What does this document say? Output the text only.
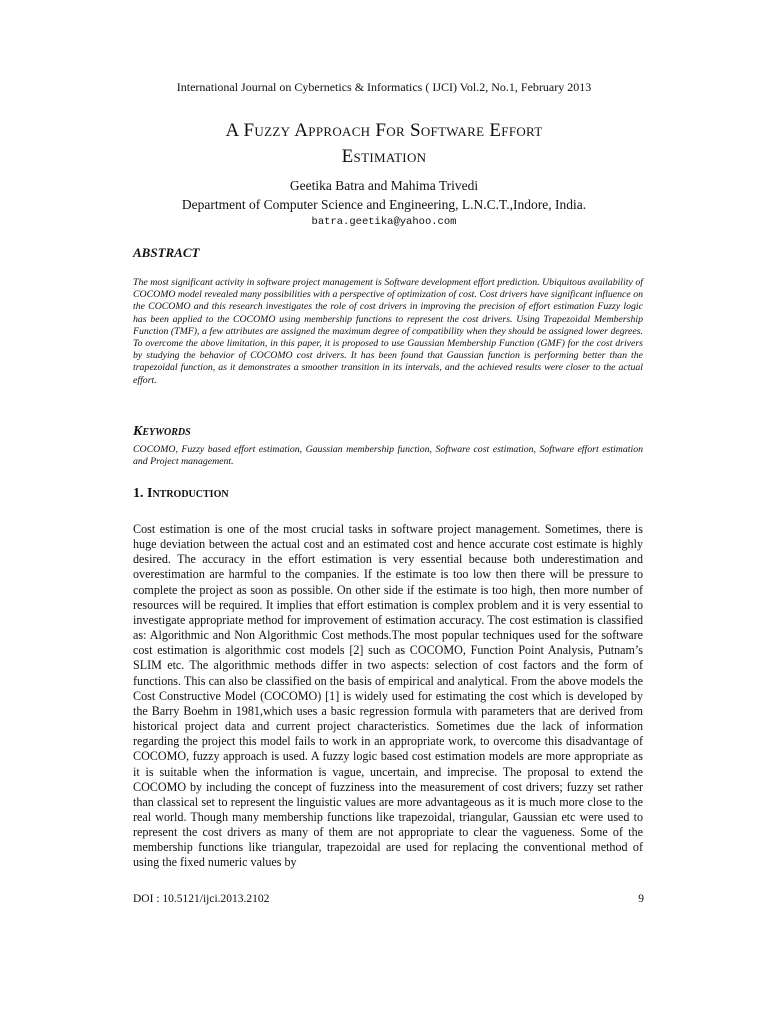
International Journal on Cybernetics & Informatics ( IJCI) Vol.2, No.1, February 2013
A Fuzzy Approach For Software Effort
Estimation
Geetika Batra and Mahima Trivedi
Department of Computer Science and Engineering, L.N.C.T.,Indore, India.
batra.geetika@yahoo.com
ABSTRACT
The most significant activity in software project management is Software development effort prediction. Ubiquitous availability of COCOMO model revealed many possibilities with a perspective of optimization of cost. Cost drivers have significant influence on the COCOMO and this research investigates the role of cost drivers in improving the precision of effort estimation Fuzzy logic has been applied to the COCOMO using membership functions to represent the cost drivers. Using Trapezoidal Membership Function (TMF), a few attributes are assigned the maximum degree of compatibility when they should be assigned lower degrees. To overcome the above limitation, in this paper, it is proposed to use Gaussian Membership Function (GMF) for the cost drivers by studying the behavior of COCOMO cost drivers. It has been found that Gaussian function is performing better than the trapezoidal function, as it demonstrates a smoother transition in its intervals, and the achieved results were closer to the actual effort.
Keywords
COCOMO, Fuzzy based effort estimation, Gaussian membership function, Software cost estimation, Software effort estimation and Project management.
1. Introduction
Cost estimation is one of the most crucial tasks in software project management. Sometimes, there is huge deviation between the actual cost and an estimated cost and hence accurate cost estimate is highly desired. The accuracy in the effort estimation is very essential because both underestimation and overestimation are harmful to the companies. If the estimate is too low then there will be pressure to complete the project as soon as possible. On other side if the estimate is too high, then more number of resources will be required. It implies that effort estimation is complex problem and it is very essential to investigate appropriate method for improvement of estimation accuracy. The cost estimation is classified as: Algorithmic and Non Algorithmic Cost methods.The most popular techniques used for the software cost estimation is algorithmic cost models [2] such as COCOMO, Function Point Analysis, Putnam’s SLIM etc. The algorithmic methods differ in two aspects: selection of cost factors and the form of functions. This can also be classified on the basis of empirical and analytical. From the above models the Cost Constructive Model (COCOMO) [1] is widely used for estimating the cost which is developed by the Barry Boehm in 1981,which uses a basic regression formula with parameters that are derived from historical project data and current project characteristics. Sometimes due the lack of information regarding the project this model fails to work in an appropriate work, to overcome this disadvantage of COCOMO, fuzzy approach is used. A fuzzy logic based cost estimation models are more appropriate as it is suitable when the information is vague, uncertain, and imprecise. The proposal to extend the COCOMO by including the concept of fuzziness into the measurement of cost drivers; fuzzy set rather than classical set to represent the linguistic values are more advantageous as it is much more close to the real world. Though many membership functions like trapezoidal, triangular, Gaussian etc were used to represent the cost drivers as many of them are not appropriate to clear the vagueness. Some of the membership functions like triangular, trapezoidal are used for replacing the conventional method of using the fixed numeric values by
DOI : 10.5121/ijci.2013.2102	9
